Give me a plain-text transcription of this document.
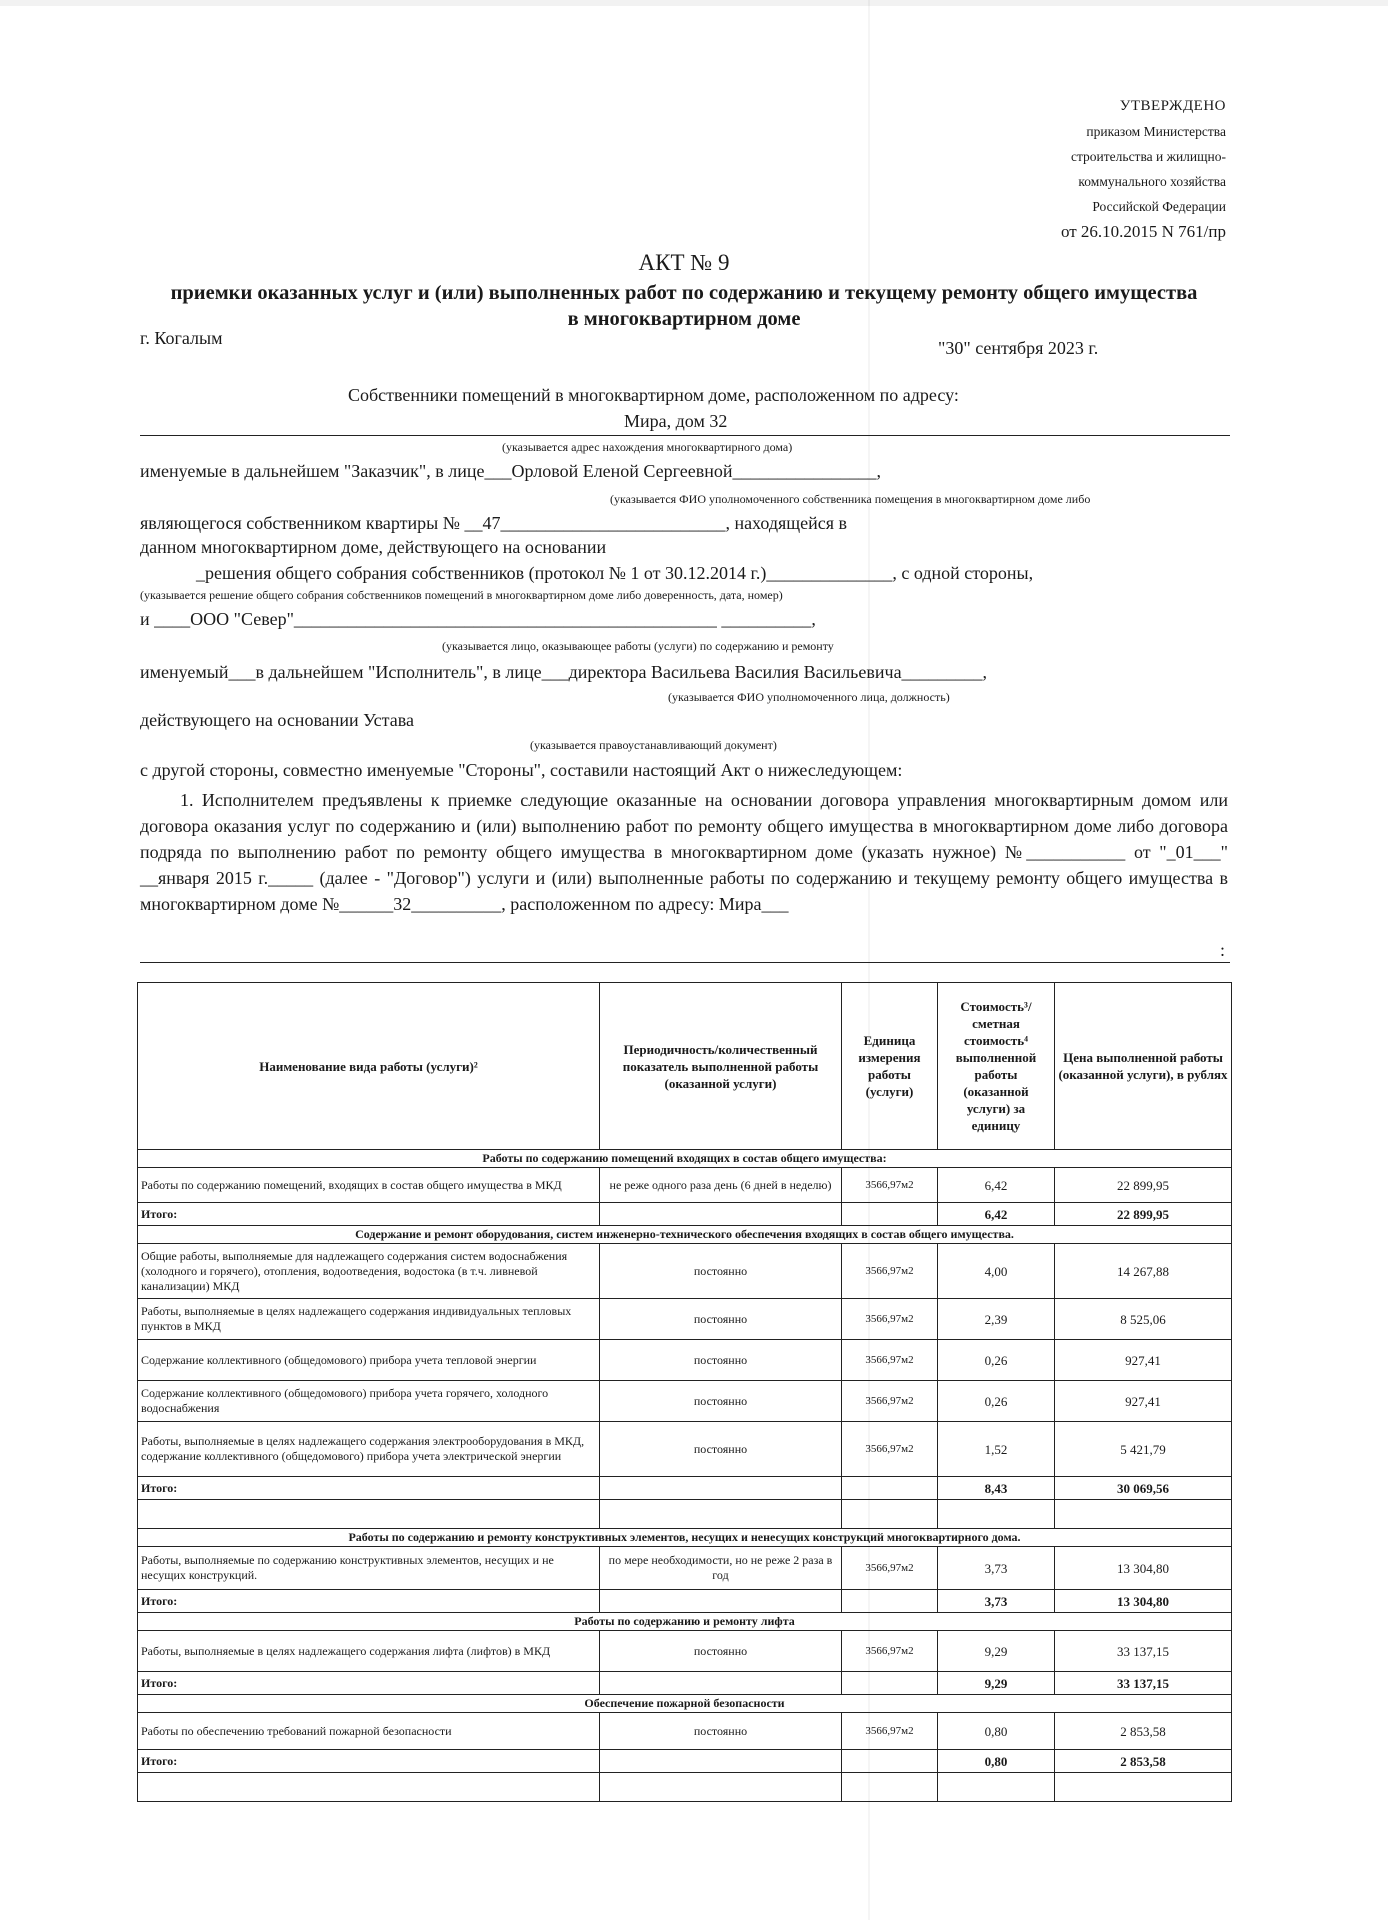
УТВЕРЖДЕНО
приказом Министерства
строительства и жилищно-
коммунального хозяйства
Российской Федерации
от 26.10.2015 N 761/пр
АКТ № 9
приемки оказанных услуг и (или) выполненных работ по содержанию и текущему ремонту общего имущества
в многоквартирном доме
г. Когалым	"30" сентября 2023 г.
Собственники помещений в многоквартирном доме, расположенном по адресу:
Мира, дом 32
(указывается адрес нахождения многоквартирного дома)
именуемые в дальнейшем "Заказчик", в лице___Орловой Еленой Сергеевной________________,
(указывается ФИО уполномоченного собственника помещения в многоквартирном доме либо
являющегося собственником квартиры № __47_________________________, находящейся в
данном многоквартирном доме, действующего на основании
_решения общего собрания собственников (протокол № 1 от 30.12.2014 г.)______________, с одной стороны,
(указывается решение общего собрания собственников помещений в многоквартирном доме либо доверенность, дата, номер)
и ____ООО "Север"_______________________________________________ __________,
(указывается лицо, оказывающее работы (услуги) по содержанию и ремонту
именуемый___в дальнейшем "Исполнитель", в лице___директора Васильева Василия Васильевича_________,
(указывается ФИО уполномоченного лица, должность)
действующего на основании Устава
(указывается правоустанавливающий документ)
с другой стороны, совместно именуемые "Стороны", составили настоящий Акт о нижеследующем:

1. Исполнителем предъявлены к приемке следующие оказанные на основании договора управления многоквартирным домом или договора оказания услуг по содержанию и (или) выполнению работ по ремонту общего имущества в многоквартирном доме либо договора подряда по выполнению работ по ремонту общего имущества в многоквартирном доме (указать нужное) №___________ от "_01___" __января 2015 г._____ (далее - "Договор") услуги и (или) выполненные работы по содержанию и текущему ремонту общего имущества в многоквартирном доме №______32__________, расположенном по адресу: Мира___

:
Наименование вида работы (услуги)²	Периодичность/количественный показатель выполненной работы (оказанной услуги)	Единица измерения работы (услуги)	Стоимость³/сметная стоимость⁴ выполненной работы (оказанной услуги) за единицу	Цена выполненной работы (оказанной услуги), в рублях
Работы по содержанию помещений входящих в состав общего имущества:				
Работы по содержанию помещений, входящих в состав общего имущества в МКД	не реже одного раза день (6 дней в неделю)	3566,97м2	6,42	22 899,95
Итого:			6,42	22 899,95
Содержание и ремонт оборудования, систем инженерно-технического обеспечения входящих в состав общего имущества.				
Общие работы, выполняемые для надлежащего содержания систем водоснабжения (холодного и горячего), отопления, водоотведения, водостока (в т.ч. ливневой канализации) МКД	постоянно	3566,97м2	4,00	14 267,88
Работы, выполняемые в целях надлежащего содержания индивидуальных тепловых пунктов в МКД	постоянно	3566,97м2	2,39	8 525,06
Содержание коллективного (общедомового) прибора учета тепловой энергии	постоянно	3566,97м2	0,26	927,41
Содержание коллективного (общедомового) прибора учета горячего, холодного водоснабжения	постоянно	3566,97м2	0,26	927,41
Работы, выполняемые в целях надлежащего содержания электрооборудования в МКД, содержание коллективного (общедомового) прибора учета электрической энергии	постоянно	3566,97м2	1,52	5 421,79
Итого:			8,43	30 069,56

Работы по содержанию и ремонту конструктивных элементов, несущих и ненесущих конструкций многоквартирного дома.				
Работы, выполняемые по содержанию конструктивных элементов, несущих и не несущих конструкций.	по мере необходимости, но не реже 2 раза в год	3566,97м2	3,73	13 304,80
Итого:			3,73	13 304,80
Работы по содержанию и ремонту лифта				
Работы, выполняемые в целях надлежащего содержания лифта (лифтов) в МКД	постоянно	3566,97м2	9,29	33 137,15
Итого:			9,29	33 137,15
Обеспечение пожарной безопасности				
Работы по обеспечению требований пожарной безопасности	постоянно	3566,97м2	0,80	2 853,58
Итого:			0,80	2 853,58
